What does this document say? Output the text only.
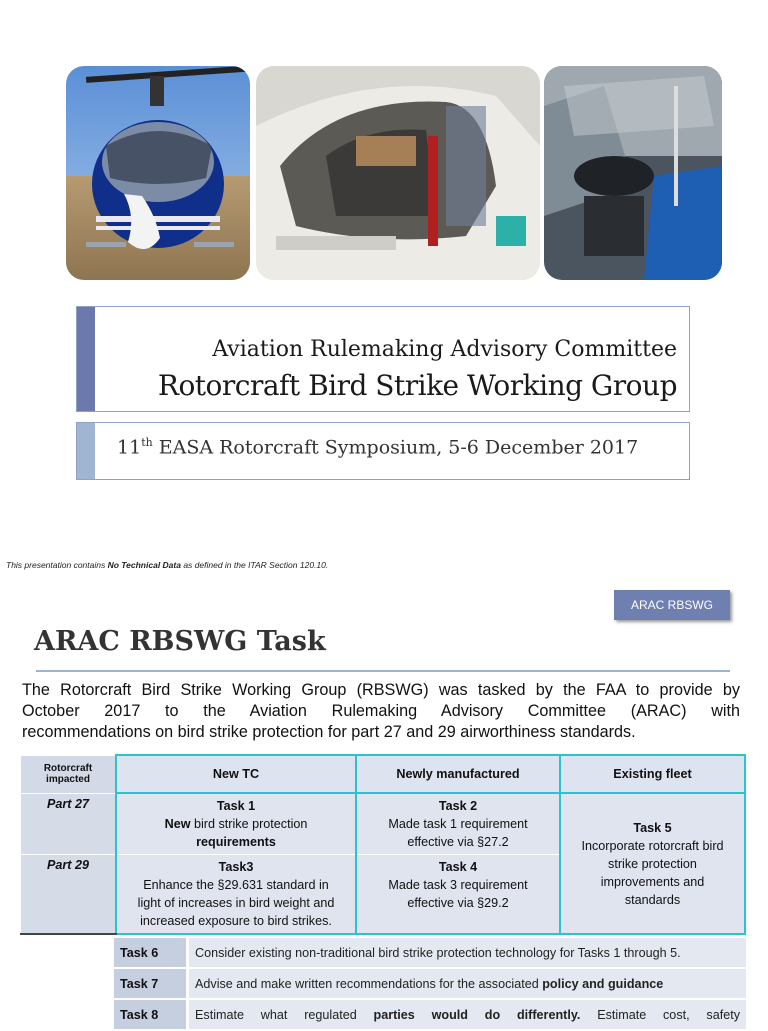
Aviation Rulemaking Advisory Committee
Rotorcraft Bird Strike Working Group
11th EASA Rotorcraft Symposium, 5-6 December 2017
This presentation contains No Technical Data as defined in the ITAR Section 120.10.
ARAC RBSWG
ARAC RBSWG Task
The Rotorcraft Bird Strike Working Group (RBSWG) was tasked by the FAA to provide by
October 2017 to the Aviation Rulemaking Advisory Committee (ARAC) with
recommendations on bird strike protection for part 27 and 29 airworthiness standards.
Rotorcraft impacted	New TC	Newly manufactured	Existing fleet
Part 27	Task 1
New bird strike protection
requirements	Task 2
Made task 1 requirement
effective via §27.2	Task 5
Incorporate rotorcraft bird
strike protection
improvements and
standards
Part 29	Task3
Enhance the §29.631 standard in
light of increases in bird weight and
increased exposure to bird strikes.	Task 4
Made task 3 requirement
effective via §29.2	
Task 6	Consider existing non-traditional bird strike protection technology for Tasks 1 through 5.
Task 7	Advise and make written recommendations for the associated policy and guidance
Task 8	Estimate what regulated parties would do differently. Estimate cost, safety
